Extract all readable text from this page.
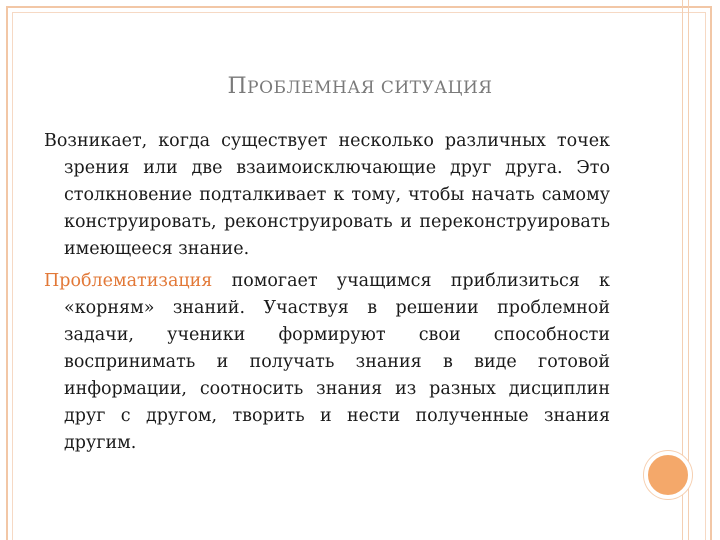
ПРОБЛЕМНАЯ СИТУАЦИЯ

Возникает, когда существует несколько различных точек зрения или две взаимоисключающие друг друга. Это столкновение подталкивает к тому, чтобы начать самому конструировать, реконструировать и переконструировать имеющееся знание.

Проблематизация помогает учащимся приблизиться к «корням» знаний. Участвуя в решении проблемной задачи, ученики формируют свои способности воспринимать и получать знания в виде готовой информации, соотносить знания из разных дисциплин друг с другом, творить и нести полученные знания другим.
